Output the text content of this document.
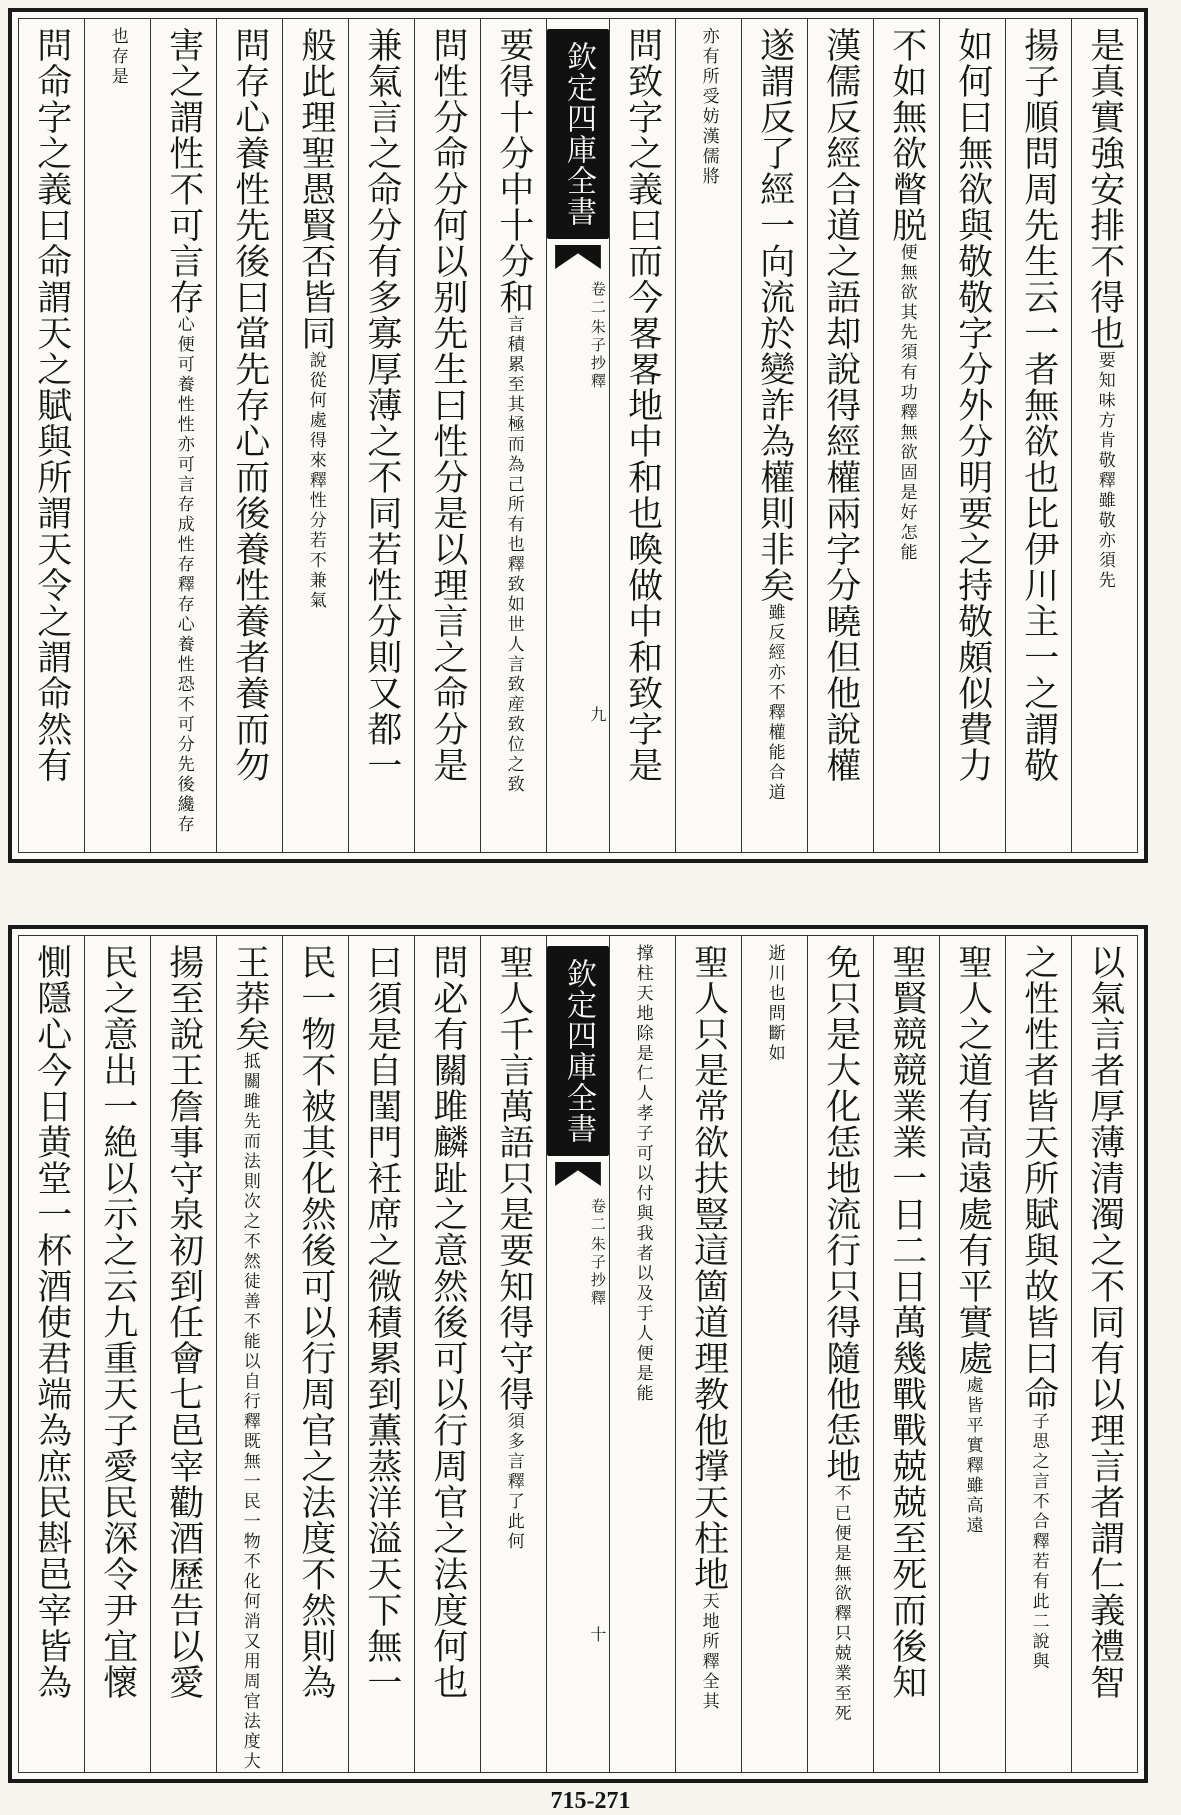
是真實強安排不得也
釋雖敬亦須先
要知味方肯敬
揚子順問周先生云一者無欲也比伊川主一之謂敬
如何曰無欲與敬敬字分外分明要之持敬頗似費力
不如無欲瞥脱
釋無欲固是好怎能
便無欲其先須有功
漢儒反經合道之語却說得經權兩字分曉但他說權
遂謂反了經一向流於變詐為權則非矣
釋權能合道
雖反經亦不
妨漢儒將
亦有所受
問致字之義曰而今畧畧地中和也喚做中和致字是
欽定四庫全書
朱子抄釋
卷二
九
要得十分中十分和
釋致如世人言致産致位之致
言積累至其極而為己所有也
問性分命分何以别先生曰性分是以理言之命分是
兼氣言之命分有多寡厚薄之不同若性分則又都一
般此理聖愚賢否皆同
釋性分若不兼氣
說從何處得來
問存心養性先後曰當先存心而後養性養者養而勿
害之謂性不可言存
釋存心養性恐不可分先後纔存
心便可養性性亦可言存成性存
存是
也
問命字之義曰命謂天之賦與所謂天令之謂命然有
以氣言者厚薄清濁之不同有以理言者謂仁義禮智
之性性者皆天所賦與故皆曰命
釋若有此二說與
子思之言不合
聖人之道有高遠處有平實處
釋雖高遠
處皆平實
聖賢競競業業一日二日萬幾戰戰兢兢至死而後知
免只是大化恁地流行只得隨他恁地
釋只兢業至死
不已便是無欲
問斷如
逝川也
聖人只是常欲扶豎這箇道理教他撑天柱地
釋全其
天地所
以付與我者以及于人便是能
撑柱天地除是仁人孝子可
欽定四庫全書
朱子抄釋
卷二
十
聖人千言萬語只是要知得守得
釋了此何
須多言
問必有關雎麟趾之意然後可以行周官之法度何也
曰須是自閨門衽席之微積累到薫蒸洋溢天下無一
民一物不被其化然後可以行周官之法度不然則為
王莽矣
釋既無一民一物不化何消又用周官法度大
抵關雎先而法則次之不然徒善不能以自行
揚至說王詹事守泉初到任會七邑宰勸酒歷告以愛
民之意出一絶以示之云九重天子愛民深令尹宜懷
惻隱心今日黄堂一杯酒使君端為庶民斟邑宰皆為
715-271
